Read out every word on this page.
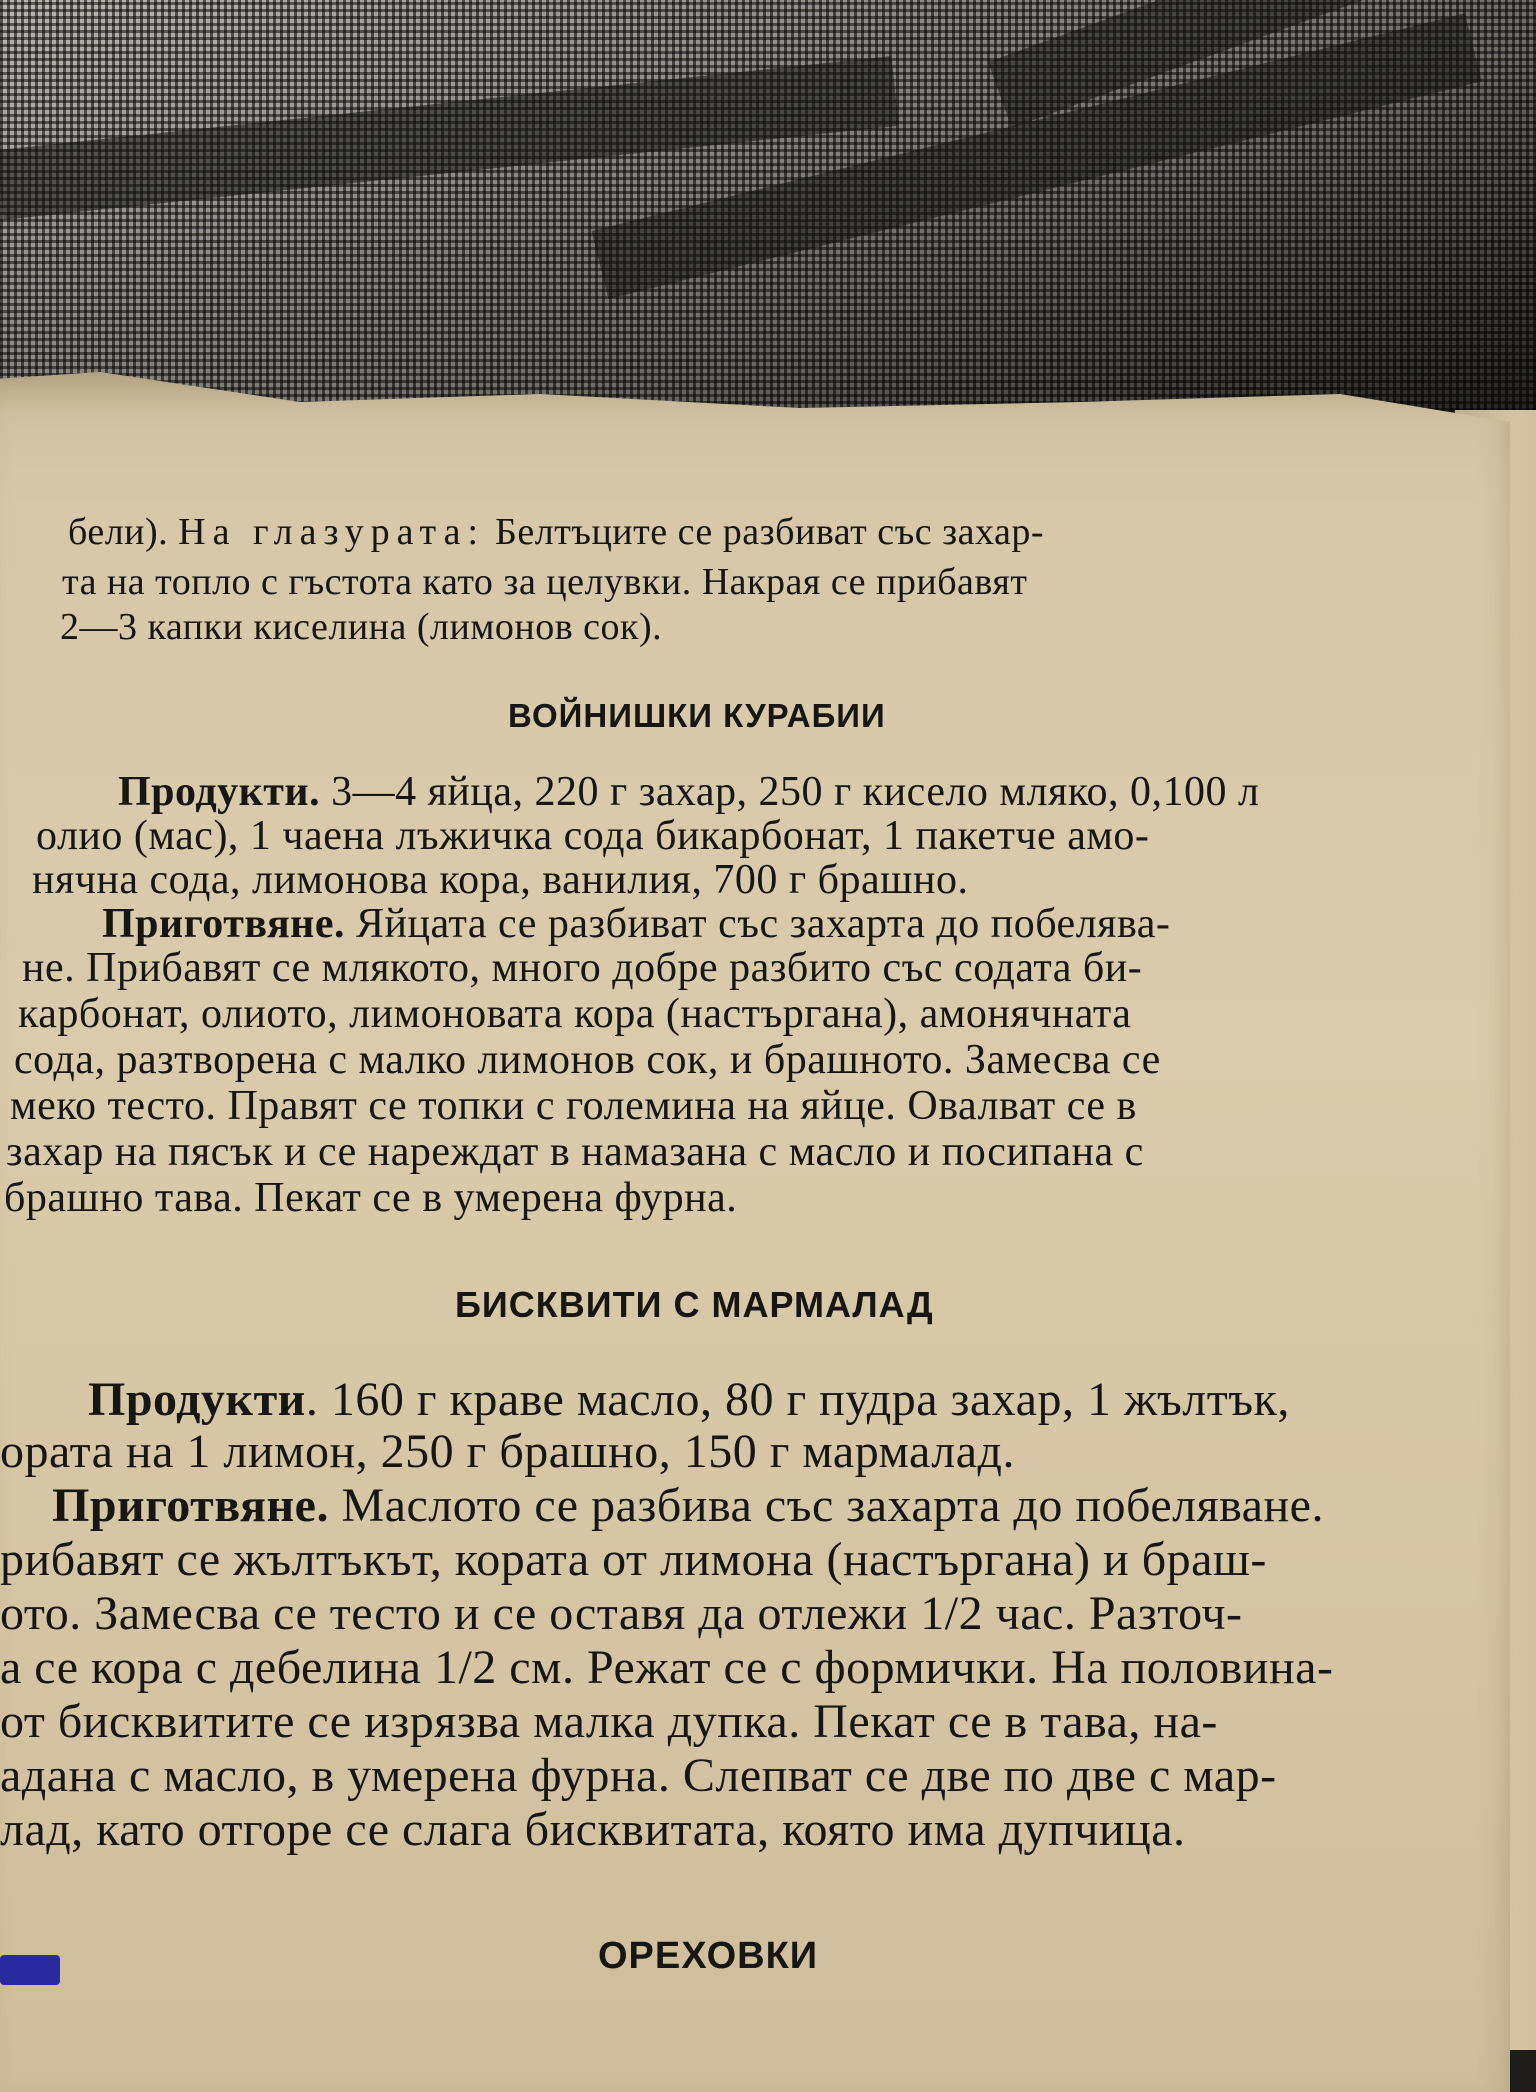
бели). На глазурата: Белтъците се разбиват със захар-
та на топло с гъстота като за целувки. Накрая се прибавят
2—3 капки киселина (лимонов сок).
ВОЙНИШКИ КУРАБИИ
Продукти. 3—4 яйца, 220 г захар, 250 г кисело мляко, 0,100 л
олио (мас), 1 чаена лъжичка сода бикарбонат, 1 пакетче амо-
нячна сода, лимонова кора, ванилия, 700 г брашно.
Приготвяне. Яйцата се разбиват със захарта до побелява-
не. Прибавят се млякото, много добре разбито със содата би-
карбонат, олиото, лимоновата кора (настъргана), амонячната
сода, разтворена с малко лимонов сок, и брашното. Замесва се
меко тесто. Правят се топки с големина на яйце. Овалват се в
захар на пясък и се нареждат в намазана с масло и посипана с
брашно тава. Пекат се в умерена фурна.
БИСКВИТИ С МАРМАЛАД
Продукти. 160 г краве масло, 80 г пудра захар, 1 жълтък,
ората на 1 лимон, 250 г брашно, 150 г мармалад.
Приготвяне. Маслото се разбива със захарта до побеляване.
рибавят се жълтъкът, кората от лимона (настъргана) и браш-
ото. Замесва се тесто и се оставя да отлежи 1/2 час. Разточ-
а се кора с дебелина 1/2 см. Режат се с формички. На половина-
от бисквитите се изрязва малка дупка. Пекат се в тава, на-
адана с масло, в умерена фурна. Слепват се две по две с мар-
лад, като отгоре се слага бисквитата, която има дупчица.
ОРЕХОВКИ
